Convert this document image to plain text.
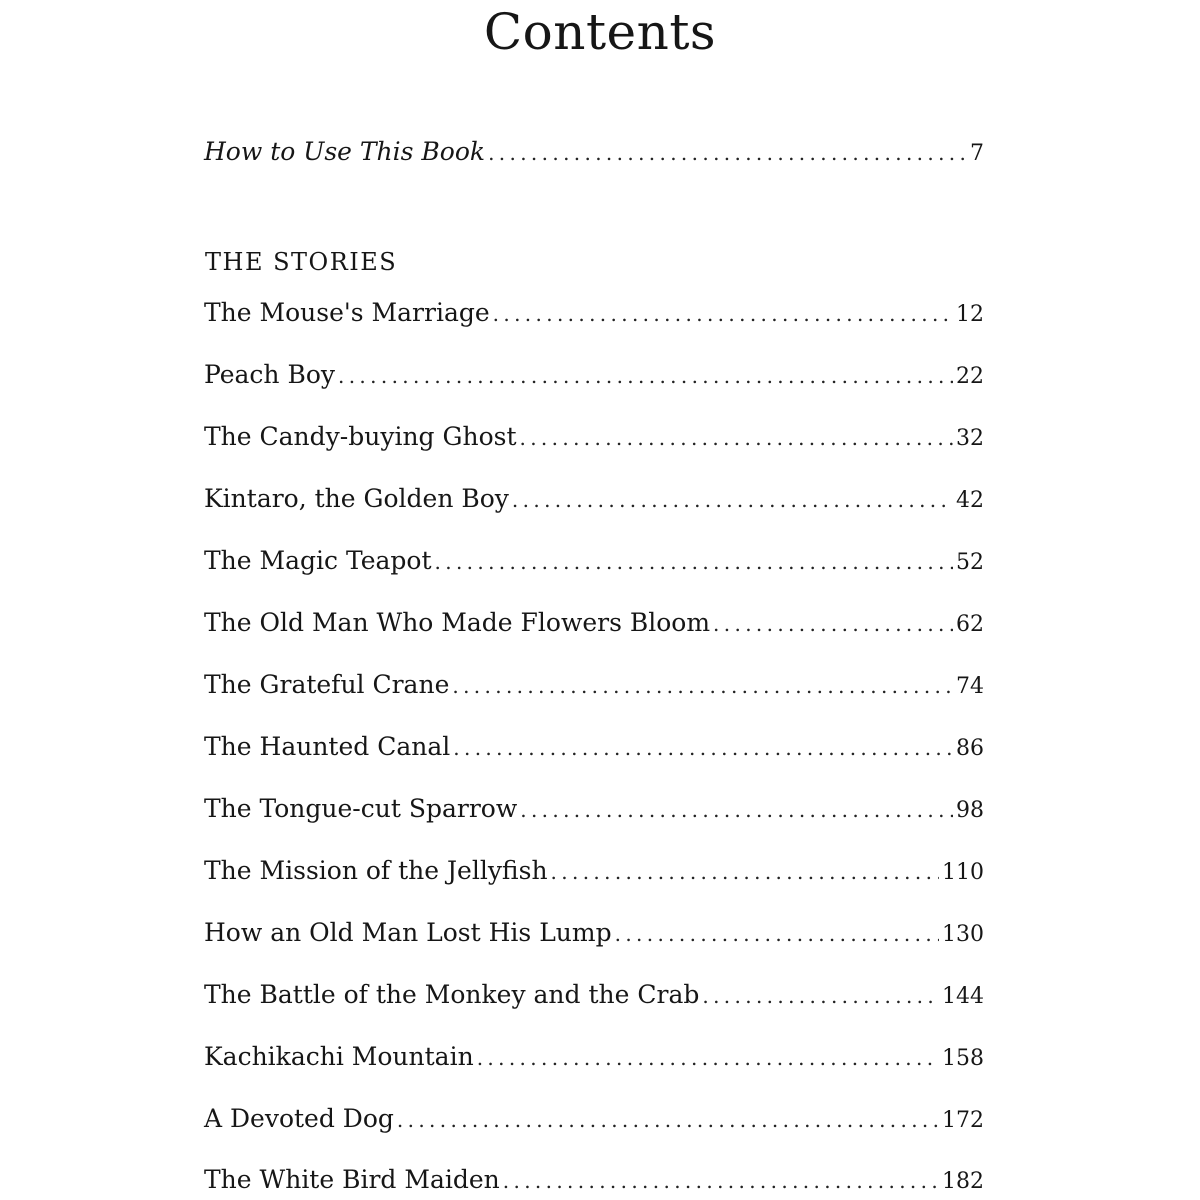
Contents
How to Use This Book . . .	7
THE STORIES
The Mouse's Marriage . . .	12
Peach Boy . . .	22
The Candy-buying Ghost . . .	32
Kintaro, the Golden Boy . . .	42
The Magic Teapot . . .	52
The Old Man Who Made Flowers Bloom . . .	62
The Grateful Crane . . .	74
The Haunted Canal . . .	86
The Tongue-cut Sparrow . . .	98
The Mission of the Jellyfish . . .	110
How an Old Man Lost His Lump . . .	130
The Battle of the Monkey and the Crab . . .	144
Kachikachi Mountain . . .	158
A Devoted Dog . . .	172
The White Bird Maiden . . .	182
